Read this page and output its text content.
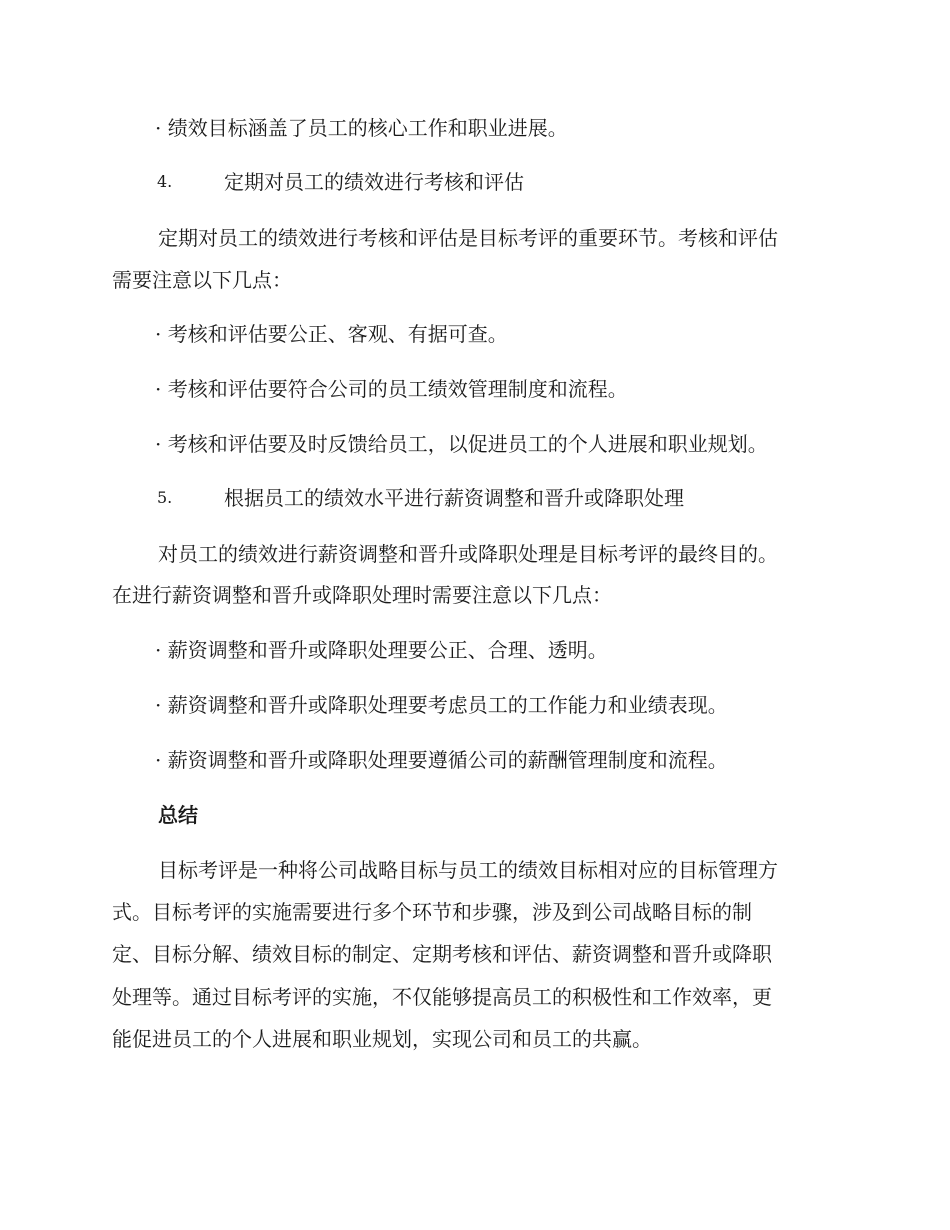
· 绩效目标涵盖了员工的核心工作和职业进展。
4.	定期对员工的绩效进行考核和评估
定期对员工的绩效进行考核和评估是目标考评的重要环节。考核和评估
需要注意以下几点：
· 考核和评估要公正、客观、有据可查。
· 考核和评估要符合公司的员工绩效管理制度和流程。
· 考核和评估要及时反馈给员工，以促进员工的个人进展和职业规划。
5.	根据员工的绩效水平进行薪资调整和晋升或降职处理
对员工的绩效进行薪资调整和晋升或降职处理是目标考评的最终目的。
在进行薪资调整和晋升或降职处理时需要注意以下几点：
· 薪资调整和晋升或降职处理要公正、合理、透明。
· 薪资调整和晋升或降职处理要考虑员工的工作能力和业绩表现。
· 薪资调整和晋升或降职处理要遵循公司的薪酬管理制度和流程。
总结
目标考评是一种将公司战略目标与员工的绩效目标相对应的目标管理方
式。目标考评的实施需要进行多个环节和步骤，涉及到公司战略目标的制
定、目标分解、绩效目标的制定、定期考核和评估、薪资调整和晋升或降职
处理等。通过目标考评的实施，不仅能够提高员工的积极性和工作效率，更
能促进员工的个人进展和职业规划，实现公司和员工的共赢。
